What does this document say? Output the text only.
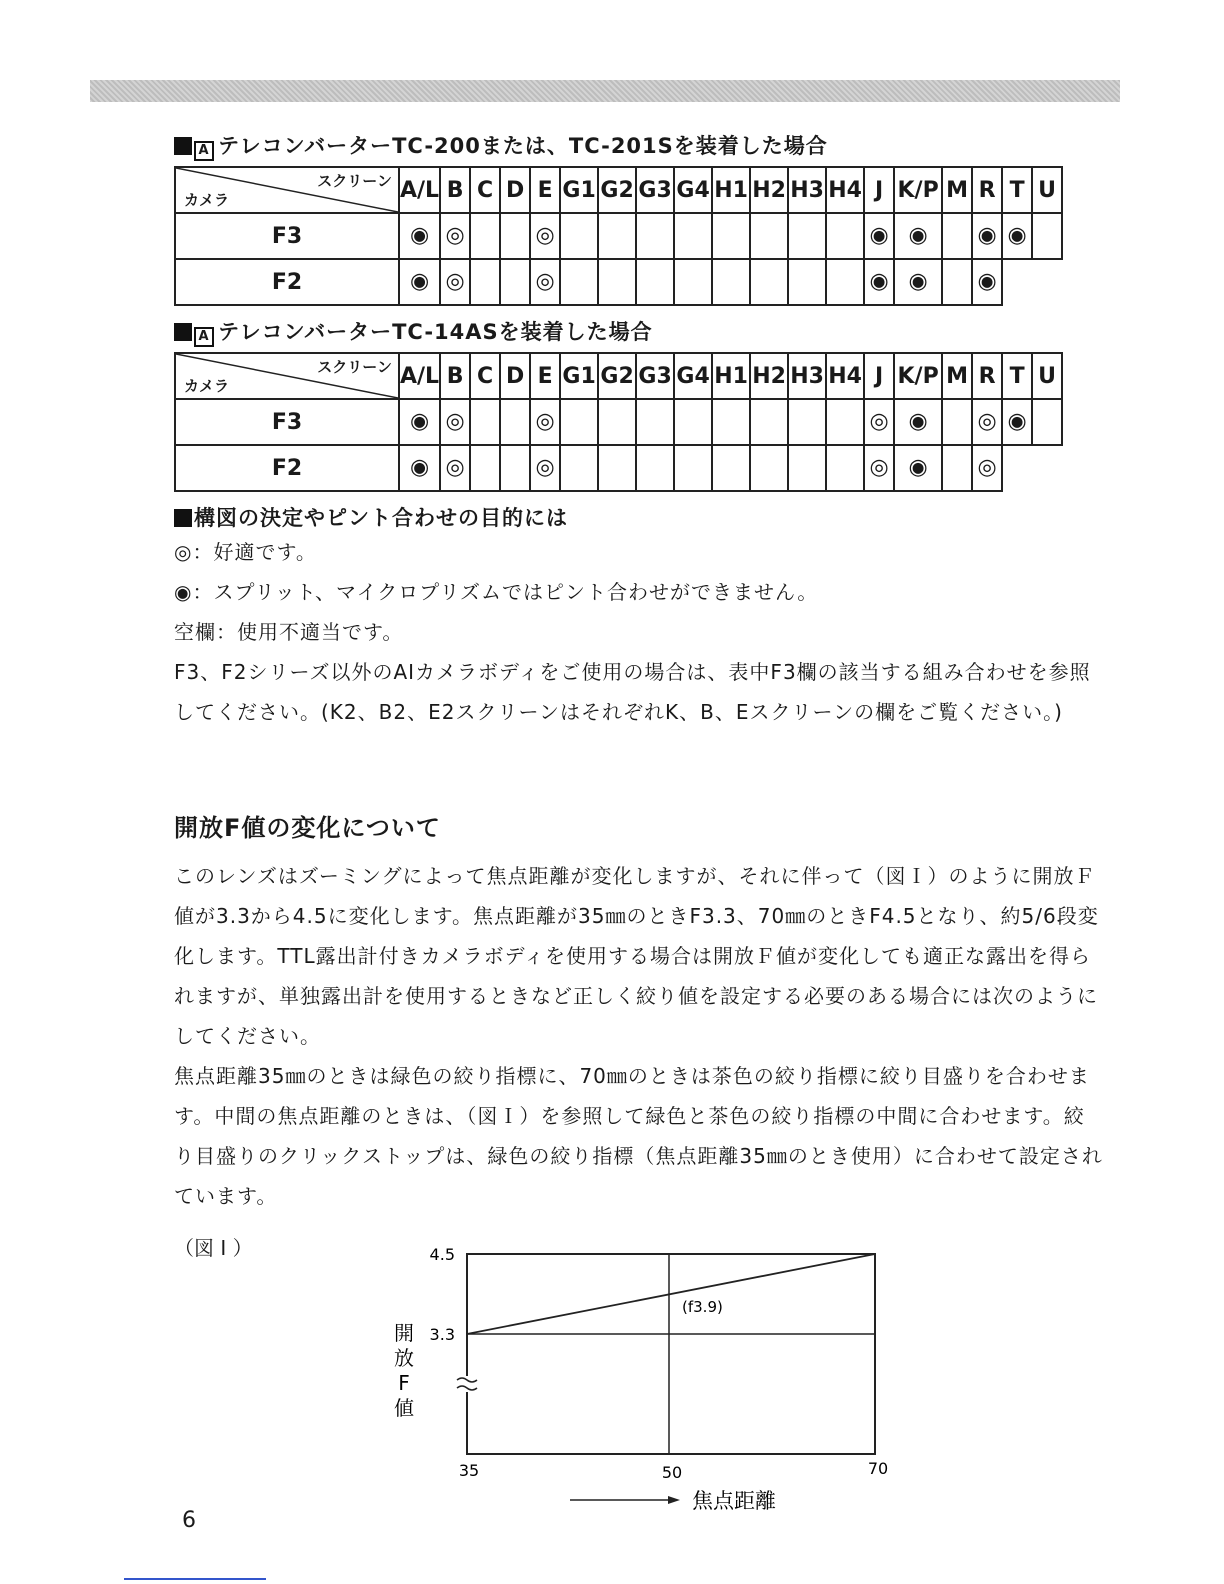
A テレコンバーターTC-200または、TC-201Sを装着した場合
スクリーン
カメラ	A/L	B	C	D	E	G1	G2	G3	G4	H1	H2	H3	H4	J	K/P	M	R	T	U
F3	◉	◎			◎									◉	◉		◉	◉	
F2	◉	◎			◎									◉	◉		◉		
A テレコンバーターTC-14ASを装着した場合
スクリーン
カメラ	A/L	B	C	D	E	G1	G2	G3	G4	H1	H2	H3	H4	J	K/P	M	R	T	U
F3	◉	◎			◎									◎	◉		◎	◉	
F2	◉	◎			◎									◎	◉		◎		
構図の決定やピント合わせの目的には
◎：好適です。
◉：スプリット、マイクロプリズムではピント合わせができません。
空欄：使用不適当です。
F3、F2シリーズ以外のAIカメラボディをご使用の場合は、表中F3欄の該当する組み合わせを参照してください。(K2、B2、E2スクリーンはそれぞれK、B、Eスクリーンの欄をご覧ください。)
開放F値の変化について
このレンズはズーミングによって焦点距離が変化しますが、それに伴って（図Ｉ）のように開放Ｆ値が3.3から4.5に変化します。焦点距離が35㎜のときF3.3、70㎜のときF4.5となり、約5/6段変化します。TTL露出計付きカメラボディを使用する場合は開放Ｆ値が変化しても適正な露出を得られますが、単独露出計を使用するときなど正しく絞り値を設定する必要のある場合には次のようにしてください。
焦点距離35㎜のときは緑色の絞り指標に、70㎜のときは茶色の絞り指標に絞り目盛りを合わせます。中間の焦点距離のときは、（図Ｉ）を参照して緑色と茶色の絞り指標の中間に合わせます。絞り目盛りのクリックストップは、緑色の絞り指標（焦点距離35㎜のとき使用）に合わせて設定されています。
（図 I ）	4.5
3.3
35	50	70
(f3.9)
開放 F 値
焦点距離
6
